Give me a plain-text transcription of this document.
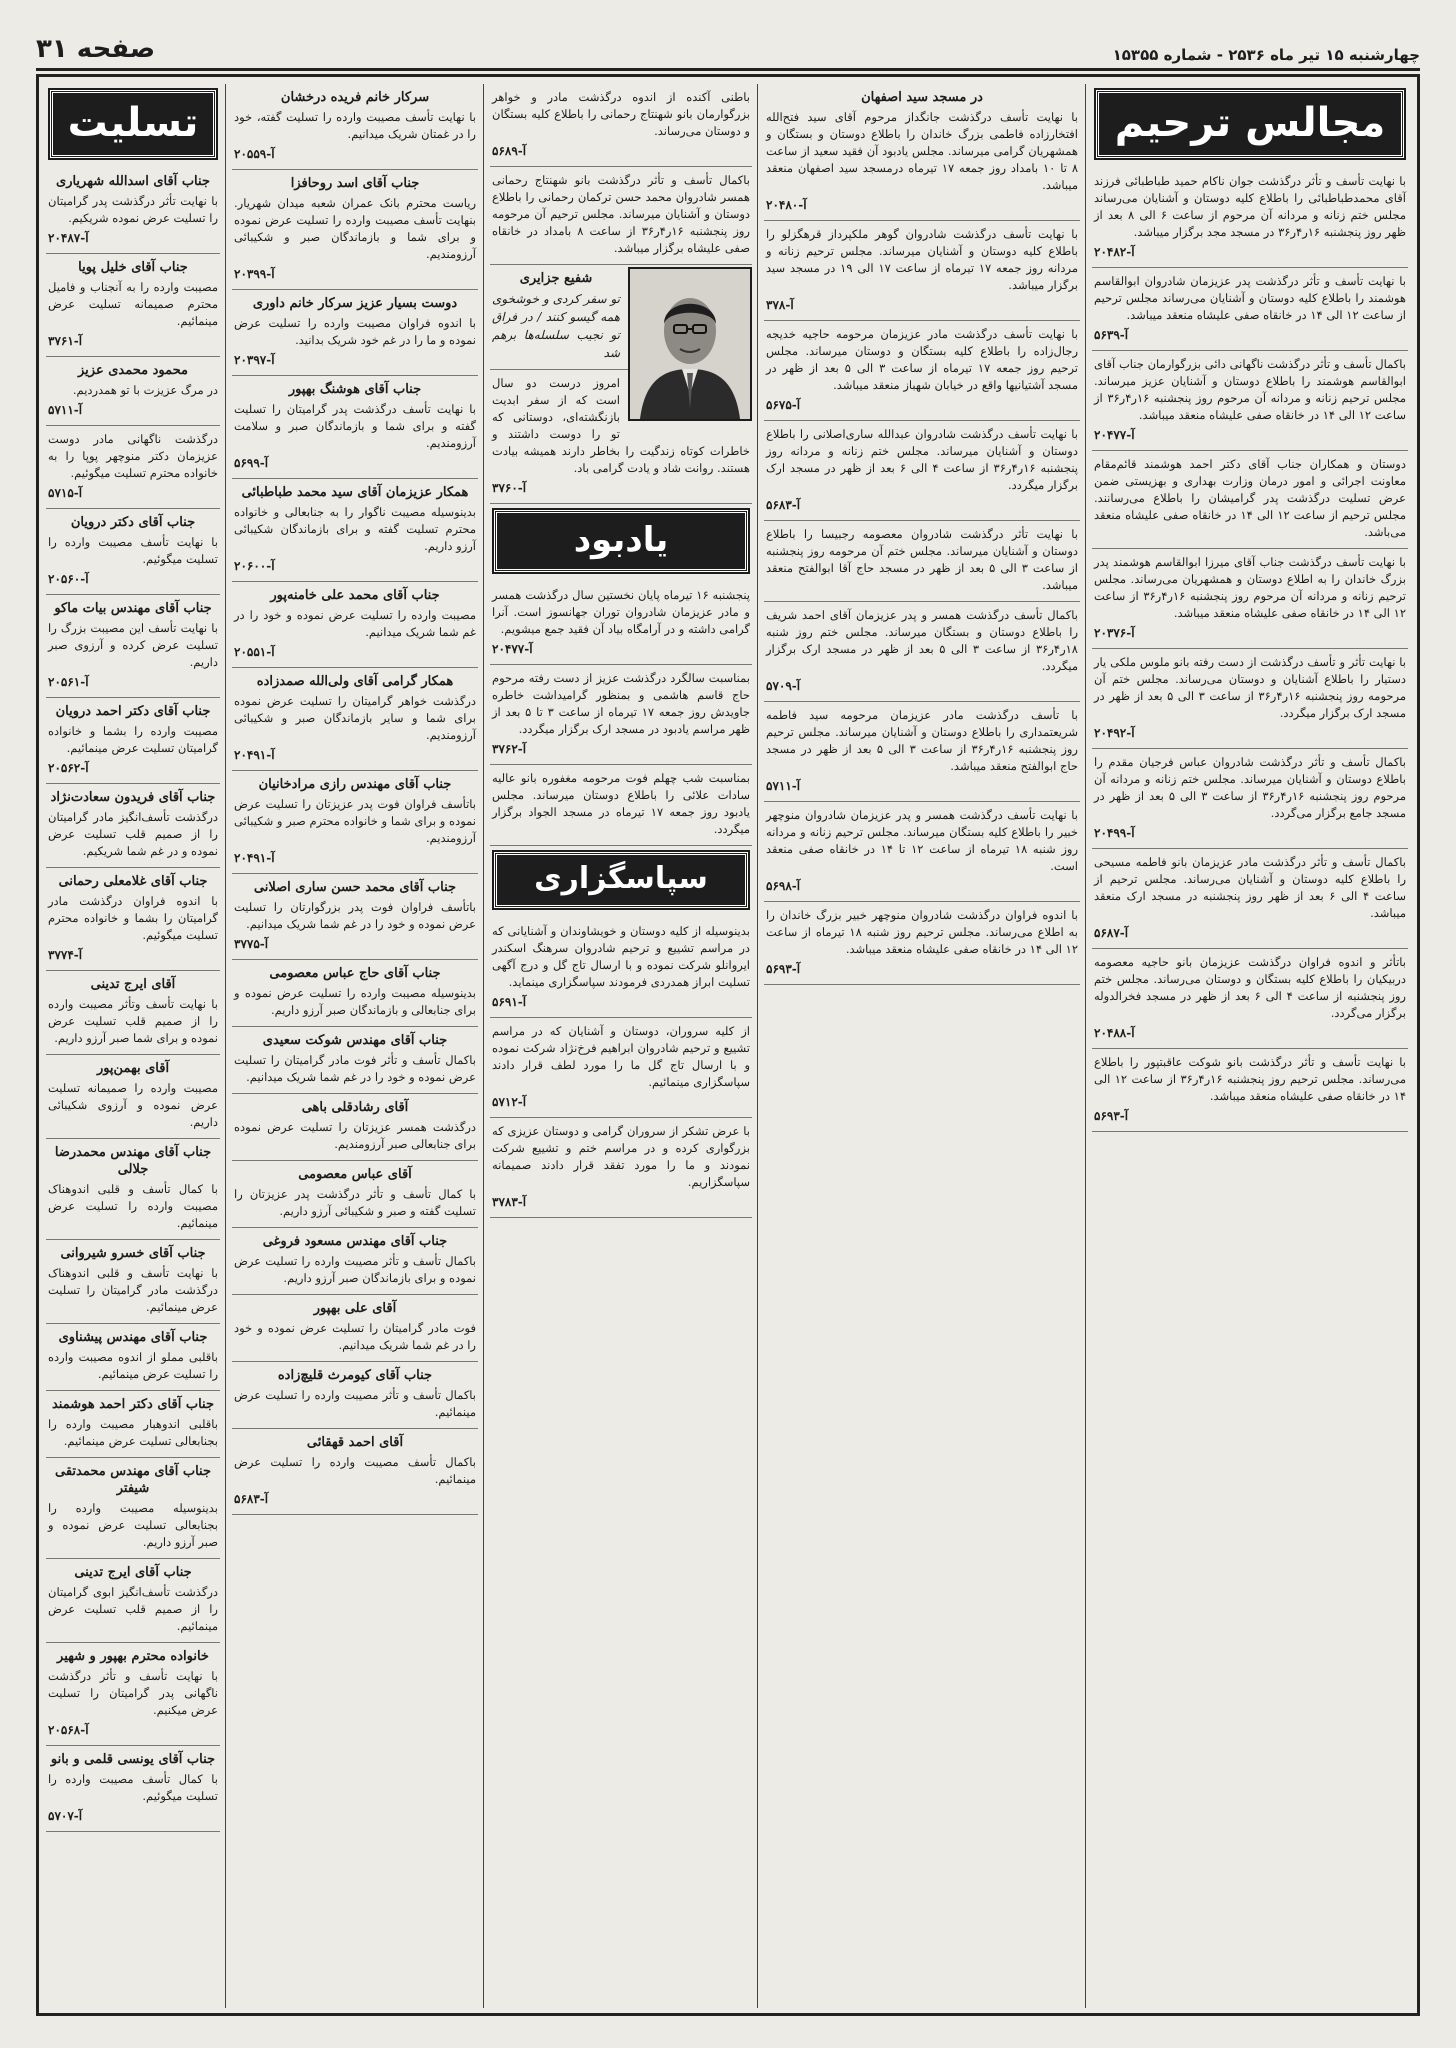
چهارشنبه ۱۵ تیر ماه ۲۵۳۶ - شماره ۱۵۳۵۵
صفحه ۳۱
مجالس ترحیم
با نهایت تأسف و تأثر درگذشت جوان ناکام حمید طباطبائی فرزند آقای محمدطباطبائی را باطلاع کلیه دوستان و آشنایان می‌رساند مجلس ختم زنانه و مردانه آن مرحوم از ساعت ۶ الی ۸ بعد از ظهر روز پنجشنبه ۱۶ر۴ر۳۶ در مسجد مجد برگزار میباشد.
آ-۲۰۴۸۲
با نهایت تأسف و تأثر درگذشت پدر عزیزمان شادروان ابوالقاسم هوشمند را باطلاع کلیه دوستان و آشنایان می‌رساند مجلس ترحیم از ساعت ۱۲ الی ۱۴ در خانقاه صفی علیشاه منعقد میباشد.
آ-۵۶۳۹
باکمال تأسف و تأثر درگذشت ناگهانی دائی بزرگوارمان جناب آقای ابوالقاسم هوشمند را باطلاع دوستان و آشنایان عزیز میرساند. مجلس ترحیم زنانه و مردانه آن مرحوم روز پنجشنبه ۱۶ر۴ر۳۶ از ساعت ۱۲ الی ۱۴ در خانقاه صفی علیشاه منعقد میباشد.
آ-۲۰۴۷۷
دوستان و همکاران جناب آقای دکتر احمد هوشمند قائم‌مقام معاونت اجرائی و امور درمان وزارت بهداری و بهزیستی ضمن عرض تسلیت درگذشت پدر گرامیشان را باطلاع می‌رسانند. مجلس ترحیم از ساعت ۱۲ الی ۱۴ در خانقاه صفی علیشاه منعقد می‌باشد.
با نهایت تأسف درگذشت جناب آقای میرزا ابوالقاسم هوشمند پدر بزرگ خاندان را به اطلاع دوستان و همشهریان می‌رساند. مجلس ترحیم زنانه و مردانه آن مرحوم روز پنجشنبه ۱۶ر۴ر۳۶ از ساعت ۱۲ الی ۱۴ در خانقاه صفی علیشاه منعقد میباشد.
آ-۲۰۳۷۶
با نهایت تأثر و تأسف درگذشت از دست رفته بانو ملوس ملکی یار دستیار را باطلاع آشنایان و دوستان می‌رساند. مجلس ختم آن مرحومه روز پنجشنبه ۱۶ر۴ر۳۶ از ساعت ۳ الی ۵ بعد از ظهر در مسجد ارک برگزار میگردد.
آ-۲۰۴۹۲
باکمال تأسف و تأثر درگذشت شادروان عباس فرجیان مقدم را باطلاع دوستان و آشنایان میرساند. مجلس ختم زنانه و مردانه آن مرحوم روز پنجشنبه ۱۶ر۴ر۳۶ از ساعت ۳ الی ۵ بعد از ظهر در مسجد جامع برگزار می‌گردد.
آ-۲۰۴۹۹
باکمال تأسف و تأثر درگذشت مادر عزیزمان بانو فاطمه مسیحی را باطلاع کلیه دوستان و آشنایان می‌رساند. مجلس ترحیم از ساعت ۴ الی ۶ بعد از ظهر روز پنجشنبه در مسجد ارک منعقد میباشد.
آ-۵۶۸۷
باتأثر و اندوه فراوان درگذشت عزیزمان بانو حاجیه معصومه دربیکیان را باطلاع کلیه بستگان و دوستان می‌رساند. مجلس ختم روز پنجشنبه از ساعت ۴ الی ۶ بعد از ظهر در مسجد فخرالدوله برگزار می‌گردد.
آ-۲۰۴۸۸
با نهایت تأسف و تأثر درگذشت بانو شوکت عاقبتپور را باطلاع می‌رساند. مجلس ترحیم روز پنجشنبه ۱۶ر۴ر۳۶ از ساعت ۱۲ الی ۱۴ در خانقاه صفی علیشاه منعقد میباشد.
آ-۵۶۹۳
در مسجد سید اصفهان
با نهایت تأسف درگذشت جانگداز مرحوم آقای سید فتح‌الله افتخارزاده فاطمی بزرگ خاندان را باطلاع دوستان و بستگان و همشهریان گرامی میرساند. مجلس یادبود آن فقید سعید از ساعت ۸ تا ۱۰ بامداد روز جمعه ۱۷ تیرماه درمسجد سید اصفهان منعقد میباشد.
آ-۲۰۴۸۰
با نهایت تأسف درگذشت شادروان گوهر ملکپرداز قرهگزلو را باطلاع کلیه دوستان و آشنایان میرساند. مجلس ترحیم زنانه و مردانه روز جمعه ۱۷ تیرماه از ساعت ۱۷ الی ۱۹ در مسجد سید برگزار میباشد.
آ-۳۷۸
با نهایت تأسف درگذشت مادر عزیزمان مرحومه حاجیه خدیجه رجال‌زاده را باطلاع کلیه بستگان و دوستان میرساند. مجلس ترحیم روز جمعه ۱۷ تیرماه از ساعت ۳ الی ۵ بعد از ظهر در مسجد آشتیانیها واقع در خیابان شهباز منعقد میباشد.
آ-۵۶۷۵
با نهایت تأسف درگذشت شادروان عبدالله ساری‌اصلانی را باطلاع دوستان و آشنایان میرساند. مجلس ختم زنانه و مردانه روز پنجشنبه ۱۶ر۴ر۳۶ از ساعت ۴ الی ۶ بعد از ظهر در مسجد ارک برگزار میگردد.
آ-۵۶۸۳
با نهایت تأثر درگذشت شادروان معصومه رجبیسا را باطلاع دوستان و آشنایان میرساند. مجلس ختم آن مرحومه روز پنجشنبه از ساعت ۳ الی ۵ بعد از ظهر در مسجد حاج آقا ابوالفتح منعقد میباشد.
باکمال تأسف درگذشت همسر و پدر عزیزمان آقای احمد شریف را باطلاع دوستان و بستگان میرساند. مجلس ختم روز شنبه ۱۸ر۴ر۳۶ از ساعت ۳ الی ۵ بعد از ظهر در مسجد ارک برگزار میگردد.
آ-۵۷۰۹
با تأسف درگذشت مادر عزیزمان مرحومه سید فاطمه شریعتمداری را باطلاع دوستان و آشنایان میرساند. مجلس ترحیم روز پنجشنبه ۱۶ر۴ر۳۶ از ساعت ۳ الی ۵ بعد از ظهر در مسجد حاج ابوالفتح منعقد میباشد.
آ-۵۷۱۱
با نهایت تأسف درگذشت همسر و پدر عزیزمان شادروان منوچهر خبیر را باطلاع کلیه بستگان میرساند. مجلس ترحیم زنانه و مردانه روز شنبه ۱۸ تیرماه از ساعت ۱۲ تا ۱۴ در خانقاه صفی منعقد است.
آ-۵۶۹۸
با اندوه فراوان درگذشت شادروان منوچهر خبیر بزرگ خاندان را به اطلاع می‌رساند. مجلس ترحیم روز شنبه ۱۸ تیرماه از ساعت ۱۲ الی ۱۴ در خانقاه صفی علیشاه منعقد میباشد.
آ-۵۶۹۳
باطنی آکنده از اندوه درگذشت مادر و خواهر بزرگوارمان بانو شهنتاج رحمانی را باطلاع کلیه بستگان و دوستان می‌رساند.
آ-۵۶۸۹
باکمال تأسف و تأثر درگذشت بانو شهنتاج رحمانی همسر شادروان محمد حسن ترکمان رحمانی را باطلاع دوستان و آشنایان میرساند. مجلس ترحیم آن مرحومه روز پنجشنبه ۱۶ر۴ر۳۶ از ساعت ۸ بامداد در خانقاه صفی علیشاه برگزار میباشد.
شفیع جزایری
تو سفر کردی و خوشخوی همه گیسو کنند / در فراق تو نجیب سلسله‌ها برهم شد
امروز درست دو سال است که از سفر ابدیت بازنگشته‌ای، دوستانی که تو را دوست داشتند و خاطرات کوتاه زندگیت را بخاطر دارند همیشه بیادت هستند. روانت شاد و یادت گرامی باد.
آ-۳۷۶۰
یادبود
پنجشنبه ۱۶ تیرماه پایان نخستین سال درگذشت همسر و مادر عزیزمان شادروان توران جهانسوز است. آنرا گرامی داشته و در آرامگاه بیاد آن فقید جمع میشویم.
آ-۲۰۴۷۷
بمناسبت سالگرد درگذشت عزیز از دست رفته مرحوم حاج قاسم هاشمی و بمنظور گرامیداشت خاطره جاویدش روز جمعه ۱۷ تیرماه از ساعت ۳ تا ۵ بعد از ظهر مراسم یادبود در مسجد ارک برگزار میگردد.
آ-۳۷۶۲
بمناسبت شب چهلم فوت مرحومه مغفوره بانو عالیه سادات علائی را باطلاع دوستان میرساند. مجلس یادبود روز جمعه ۱۷ تیرماه در مسجد الجواد برگزار میگردد.
سپاسگزاری
بدینوسیله از کلیه دوستان و خویشاوندان و آشنایانی که در مراسم تشییع و ترحیم شادروان سرهنگ اسکندر ایروانلو شرکت نموده و با ارسال تاج گل و درج آگهی تسلیت ابراز همدردی فرمودند سپاسگزاری مینماید.
آ-۵۶۹۱
از کلیه سروران، دوستان و آشنایان که در مراسم تشییع و ترحیم شادروان ابراهیم فرخ‌نژاد شرکت نموده و با ارسال تاج گل ما را مورد لطف قرار دادند سپاسگزاری مینمائیم.
آ-۵۷۱۲
با عرض تشکر از سروران گرامی و دوستان عزیزی که بزرگواری کرده و در مراسم ختم و تشییع شرکت نمودند و ما را مورد تفقد قرار دادند صمیمانه سپاسگزاریم.
آ-۳۷۸۳
سرکار خانم فریده درخشان
با نهایت تأسف مصیبت وارده را تسلیت گفته، خود را در غمتان شریک میدانیم.
آ-۲۰۵۵۹
جناب آقای اسد روحافزا
ریاست محترم بانک عمران شعبه میدان شهریار. بنهایت تأسف مصیبت وارده را تسلیت عرض نموده و برای شما و بازماندگان صبر و شکیبائی آرزومندیم.
آ-۲۰۳۹۹
دوست بسیار عزیز سرکار خانم داوری
با اندوه فراوان مصیبت وارده را تسلیت عرض نموده و ما را در غم خود شریک بدانید.
آ-۲۰۳۹۷
جناب آقای هوشنگ بهپور
با نهایت تأسف درگذشت پدر گرامیتان را تسلیت گفته و برای شما و بازماندگان صبر و سلامت آرزومندیم.
آ-۵۶۹۹
همکار عزیزمان آقای سید محمد طباطبائی
بدینوسیله مصیبت ناگوار را به جنابعالی و خانواده محترم تسلیت گفته و برای بازماندگان شکیبائی آرزو داریم.
آ-۲۰۶۰۰
جناب آقای محمد علی خامنه‌پور
مصیبت وارده را تسلیت عرض نموده و خود را در غم شما شریک میدانیم.
آ-۲۰۵۵۱
همکار گرامی آقای ولی‌الله صمدزاده
درگذشت خواهر گرامیتان را تسلیت عرض نموده برای شما و سایر بازماندگان صبر و شکیبائی آرزومندیم.
آ-۲۰۴۹۱
جناب آقای مهندس رازی مرادخانیان
باتأسف فراوان فوت پدر عزیزتان را تسلیت عرض نموده و برای شما و خانواده محترم صبر و شکیبائی آرزومندیم.
آ-۲۰۴۹۱
جناب آقای محمد حسن ساری اصلانی
باتأسف فراوان فوت پدر بزرگوارتان را تسلیت عرض نموده و خود را در غم شما شریک میدانیم.
آ-۳۷۷۵
جناب آقای حاج عباس معصومی
بدینوسیله مصیبت وارده را تسلیت عرض نموده و برای جنابعالی و بازماندگان صبر آرزو داریم.
جناب آقای مهندس شوکت سعیدی
باکمال تأسف و تأثر فوت مادر گرامیتان را تسلیت عرض نموده و خود را در غم شما شریک میدانیم.
آقای رشادقلی باهی
درگذشت همسر عزیزتان را تسلیت عرض نموده برای جنابعالی صبر آرزومندیم.
آقای عباس معصومی
با کمال تأسف و تأثر درگذشت پدر عزیزتان را تسلیت گفته و صبر و شکیبائی آرزو داریم.
جناب آقای مهندس مسعود فروغی
باکمال تأسف و تأثر مصیبت وارده را تسلیت عرض نموده و برای بازماندگان صبر آرزو داریم.
آقای علی بهپور
فوت مادر گرامیتان را تسلیت عرض نموده و خود را در غم شما شریک میدانیم.
جناب آقای کیومرث قلیچ‌زاده
باکمال تأسف و تأثر مصیبت وارده را تسلیت عرض مینمائیم.
آقای احمد قهقائی
باکمال تأسف مصیبت وارده را تسلیت عرض مینمائیم.
آ-۵۶۸۳
تسلیت
جناب آقای اسدالله شهریاری
با نهایت تأثر درگذشت پدر گرامیتان را تسلیت عرض نموده شریکیم.
آ-۲۰۴۸۷
جناب آقای خلیل پویا
مصیبت وارده را به آنجناب و فامیل محترم صمیمانه تسلیت عرض مینمائیم.
آ-۳۷۶۱
محمود محمدی عزیز
در مرگ عزیزت با تو همدردیم.
آ-۵۷۱۱
درگذشت ناگهانی مادر دوست عزیزمان دکتر منوچهر پوپا را به خانواده محترم تسلیت میگوئیم.
آ-۵۷۱۵
جناب آقای دکتر درویان
با نهایت تأسف مصیبت وارده را تسلیت میگوئیم.
آ-۲۰۵۶۰
جناب آقای مهندس بیات ماکو
با نهایت تأسف این مصیبت بزرگ را تسلیت عرض کرده و آرزوی صبر داریم.
آ-۲۰۵۶۱
جناب آقای دکتر احمد درویان
مصیبت وارده را بشما و خانواده گرامیتان تسلیت عرض مینمائیم.
آ-۲۰۵۶۲
جناب آقای فریدون سعادت‌نژاد
درگذشت تأسف‌انگیز مادر گرامیتان را از صمیم قلب تسلیت عرض نموده و در غم شما شریکیم.
جناب آقای غلامعلی رحمانی
با اندوه فراوان درگذشت مادر گرامیتان را بشما و خانواده محترم تسلیت میگوئیم.
آ-۳۷۷۴
آقای ایرج تدینی
با نهایت تأسف وتأثر مصیبت وارده را از صمیم قلب تسلیت عرض نموده و برای شما صبر آرزو داریم.
آقای بهمن‌پور
مصیبت وارده را صمیمانه تسلیت عرض نموده و آرزوی شکیبائی داریم.
جناب آقای مهندس محمدرضا جلالی
با کمال تأسف و قلبی اندوهناک مصیبت وارده را تسلیت عرض مینمائیم.
جناب آقای خسرو شیروانی
با نهایت تأسف و قلبی اندوهناک درگذشت مادر گرامیتان را تسلیت عرض مینمائیم.
جناب آقای مهندس پیشناوی
باقلبی مملو از اندوه مصیبت وارده را تسلیت عرض مینمائیم.
جناب آقای دکتر احمد هوشمند
باقلبی اندوهبار مصیبت وارده را بجنابعالی تسلیت عرض مینمائیم.
جناب آقای مهندس محمدتقی شیفتر
بدینوسیله مصیبت وارده را بجنابعالی تسلیت عرض نموده و صبر آرزو داریم.
جناب آقای ایرج تدینی
درگذشت تأسف‌انگیز ابوی گرامیتان را از صمیم قلب تسلیت عرض مینمائیم.
خانواده محترم بهپور و شهیر
با نهایت تأسف و تأثر درگذشت ناگهانی پدر گرامیتان را تسلیت عرض میکنیم.
آ-۲۰۵۶۸
جناب آقای یونسی قلمی و بانو
با کمال تأسف مصیبت وارده را تسلیت میگوئیم.
آ-۵۷۰۷
